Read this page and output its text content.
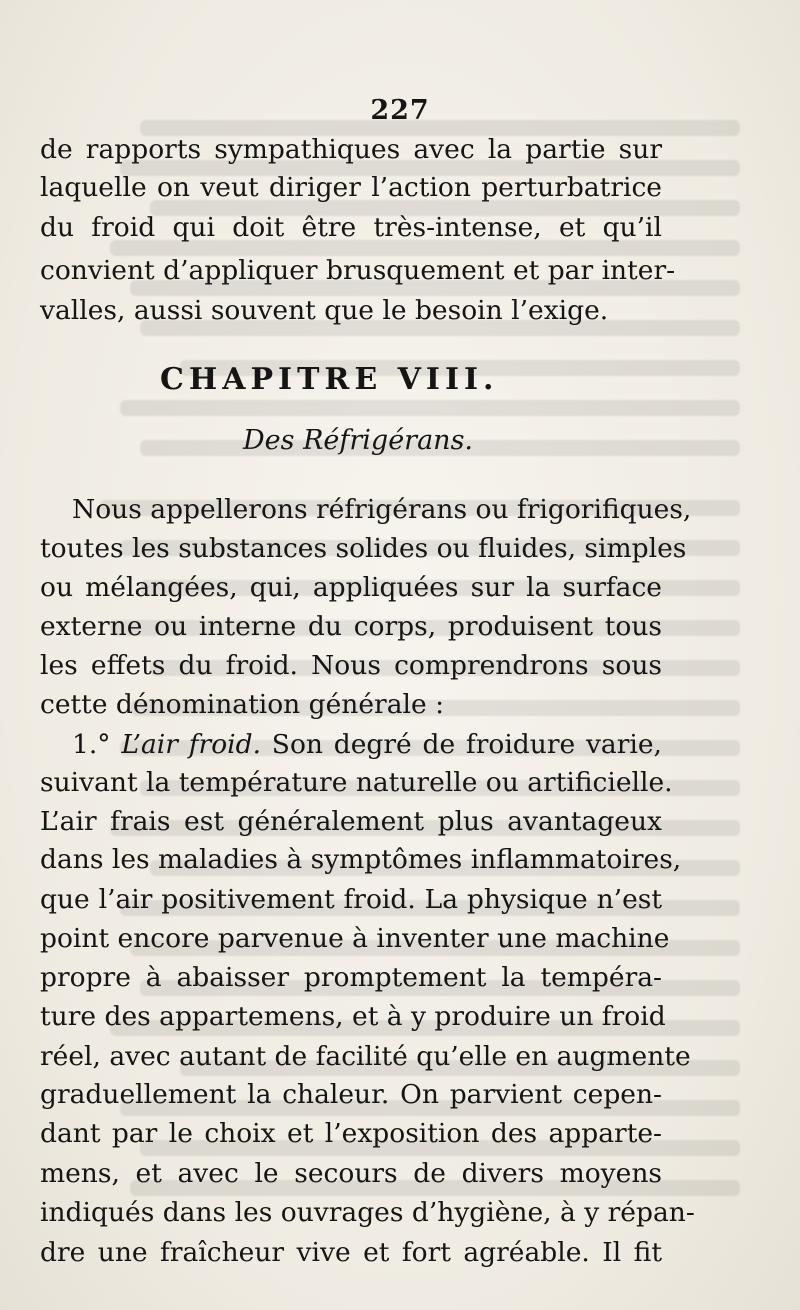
227
de rapports sympathiques avec la partie sur
laquelle on veut diriger l’action perturbatrice
du froid qui doit être très-intense, et qu’il
convient d’appliquer brusquement et par inter-
valles, aussi souvent que le besoin l’exige.
CHAPITRE VIII.
Des Réfrigérans.
Nous appellerons réfrigérans ou frigorifiques,
toutes les substances solides ou fluides, simples
ou mélangées, qui, appliquées sur la surface
externe ou interne du corps, produisent tous
les effets du froid. Nous comprendrons sous
cette dénomination générale :
1.° L’air froid. Son degré de froidure varie,
suivant la température naturelle ou artificielle.
L’air frais est généralement plus avantageux
dans les maladies à symptômes inflammatoires,
que l’air positivement froid. La physique n’est
point encore parvenue à inventer une machine
propre à abaisser promptement la tempéra-
ture des appartemens, et à y produire un froid
réel, avec autant de facilité qu’elle en augmente
graduellement la chaleur. On parvient cepen-
dant par le choix et l’exposition des apparte-
mens, et avec le secours de divers moyens
indiqués dans les ouvrages d’hygiène, à y répan-
dre une fraîcheur vive et fort agréable. Il fit
